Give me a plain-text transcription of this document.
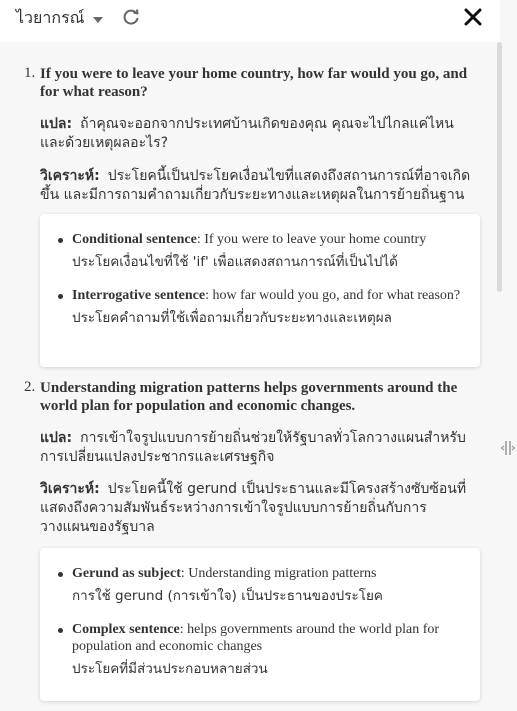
ไวยากรณ์
1. If you were to leave your home country, how far would you go, and for what reason?
แปล: ถ้าคุณจะออกจากประเทศบ้านเกิดของคุณ คุณจะไปไกลแค่ไหน และด้วยเหตุผลอะไร?
วิเคราะห์: ประโยคนี้เป็นประโยคเงื่อนไขที่แสดงถึงสถานการณ์ที่อาจเกิดขึ้น และมีการถามคำถามเกี่ยวกับระยะทางและเหตุผลในการย้ายถิ่นฐาน
Conditional sentence: If you were to leave your home country
ประโยคเงื่อนไขที่ใช้ 'if' เพื่อแสดงสถานการณ์ที่เป็นไปได้
Interrogative sentence: how far would you go, and for what reason?
ประโยคคำถามที่ใช้เพื่อถามเกี่ยวกับระยะทางและเหตุผล
2. Understanding migration patterns helps governments around the world plan for population and economic changes.
แปล: การเข้าใจรูปแบบการย้ายถิ่นช่วยให้รัฐบาลทั่วโลกวางแผนสำหรับการเปลี่ยนแปลงประชากรและเศรษฐกิจ
วิเคราะห์: ประโยคนี้ใช้ gerund เป็นประธานและมีโครงสร้างซับซ้อนที่แสดงถึงความสัมพันธ์ระหว่างการเข้าใจรูปแบบการย้ายถิ่นกับการวางแผนของรัฐบาล
Gerund as subject: Understanding migration patterns
การใช้ gerund (การเข้าใจ) เป็นประธานของประโยค
Complex sentence: helps governments around the world plan for population and economic changes
ประโยคที่มีส่วนประกอบหลายส่วน
